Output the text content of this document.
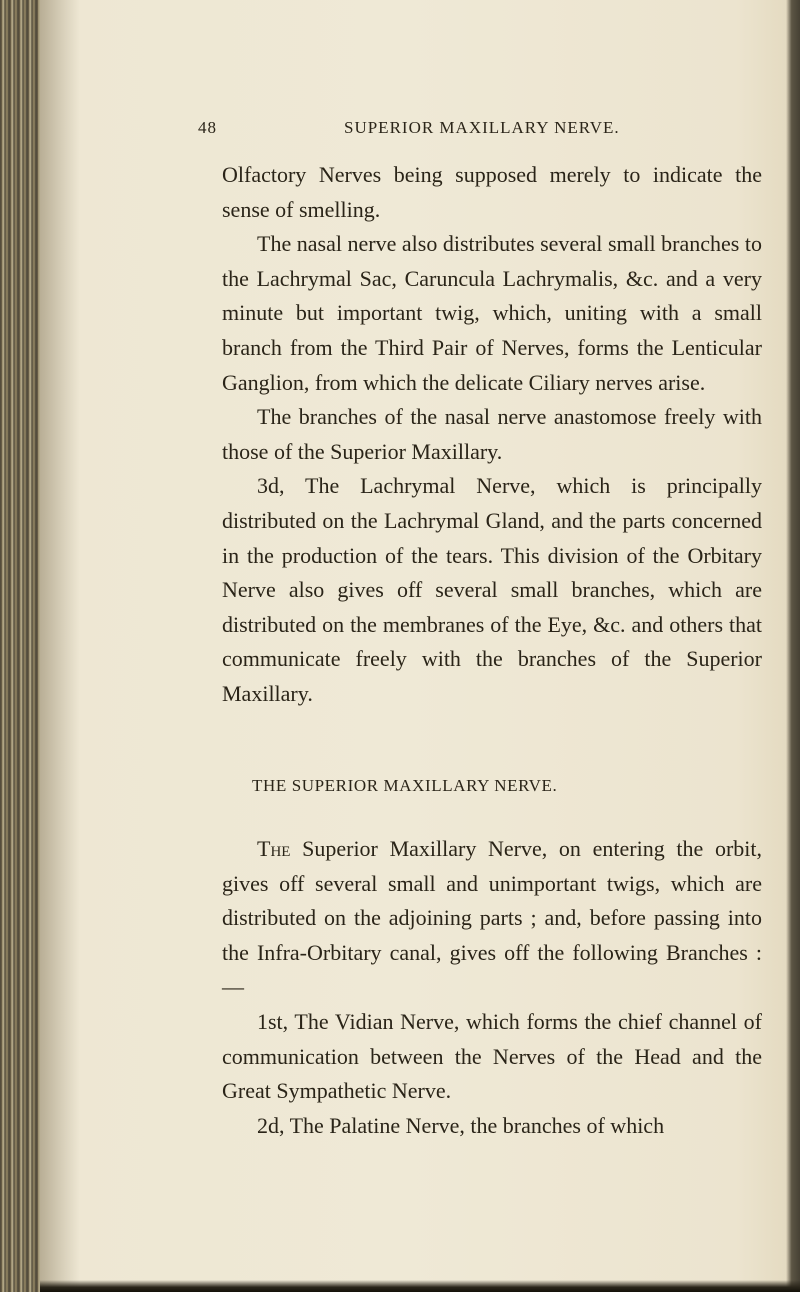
48	SUPERIOR MAXILLARY NERVE.

Olfactory Nerves being supposed merely to indicate the sense of smelling.

The nasal nerve also distributes several small branches to the Lachrymal Sac, Caruncula Lachrymalis, &c. and a very minute but important twig, which, uniting with a small branch from the Third Pair of Nerves, forms the Lenticular Ganglion, from which the delicate Ciliary nerves arise.

The branches of the nasal nerve anastomose freely with those of the Superior Maxillary.

3d, The Lachrymal Nerve, which is principally distributed on the Lachrymal Gland, and the parts concerned in the production of the tears. This division of the Orbitary Nerve also gives off several small branches, which are distributed on the membranes of the Eye, &c. and others that communicate freely with the branches of the Superior Maxillary.

THE SUPERIOR MAXILLARY NERVE.

The Superior Maxillary Nerve, on entering the orbit, gives off several small and unimportant twigs, which are distributed on the adjoining parts ; and, before passing into the Infra-Orbitary canal, gives off the following Branches : —

1st, The Vidian Nerve, which forms the chief channel of communication between the Nerves of the Head and the Great Sympathetic Nerve.

2d, The Palatine Nerve, the branches of which
